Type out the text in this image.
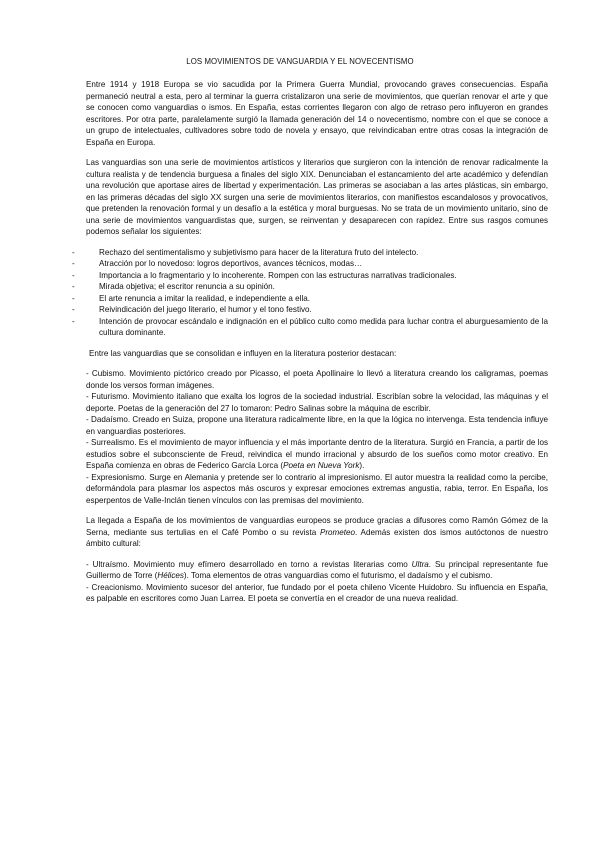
LOS MOVIMIENTOS DE VANGUARDIA Y EL NOVECENTISMO

Entre 1914 y 1918 Europa se vio sacudida por la Primera Guerra Mundial, provocando graves consecuencias. España permaneció neutral a esta, pero al terminar la guerra cristalizaron una serie de movimientos, que querían renovar el arte y que se conocen como vanguardias o ismos. En España, estas corrientes llegaron con algo de retraso pero influyeron en grandes escritores. Por otra parte, paralelamente surgió la llamada generación del 14 o novecentismo, nombre con el que se conoce a un grupo de intelectuales, cultivadores sobre todo de novela y ensayo, que reivindicaban entre otras cosas la integración de España en Europa.

Las vanguardias son una serie de movimientos artísticos y literarios que surgieron con la intención de renovar radicalmente la cultura realista y de tendencia burguesa a finales del siglo XIX. Denunciaban el estancamiento del arte académico y defendían una revolución que aportase aires de libertad y experimentación. Las primeras se asociaban a las artes plásticas, sin embargo, en las primeras décadas del siglo XX surgen una serie de movimientos literarios, con manifiestos escandalosos y provocativos, que pretenden la renovación formal y un desafío a la estética y moral burguesas. No se trata de un movimiento unitario, sino de una serie de movimientos vanguardistas que, surgen, se reinventan y desaparecen con rapidez. Entre sus rasgos comunes podemos señalar los siguientes:

-	Rechazo del sentimentalismo y subjetivismo para hacer de la literatura fruto del intelecto.
-	Atracción por lo novedoso: logros deportivos, avances técnicos, modas…
-	Importancia a lo fragmentario y lo incoherente. Rompen con las estructuras narrativas tradicionales.
-	Mirada objetiva; el escritor renuncia a su opinión.
-	El arte renuncia a imitar la realidad, e independiente a ella.
-	Reivindicación del juego literario, el humor y el tono festivo.
-	Intención de provocar escándalo e indignación en el público culto como medida para luchar contra el aburguesamiento de la cultura dominante.

Entre las vanguardias que se consolidan e influyen en la literatura posterior destacan:

- Cubismo. Movimiento pictórico creado por Picasso, el poeta Apollinaire lo llevó a literatura creando los caligramas, poemas donde los versos forman imágenes.

- Futurismo. Movimiento italiano que exalta los logros de la sociedad industrial. Escribían sobre la velocidad, las máquinas y el deporte. Poetas de la generación del 27 lo tomaron: Pedro Salinas sobre la máquina de escribir.

- Dadaísmo. Creado en Suiza, propone una literatura radicalmente libre, en la que la lógica no intervenga. Esta tendencia influye en vanguardias posteriores.

- Surrealismo. Es el movimiento de mayor influencia y el más importante dentro de la literatura. Surgió en Francia, a partir de los estudios sobre el subconsciente de Freud, reivindica el mundo irracional y absurdo de los sueños como motor creativo. En España comienza en obras de Federico García Lorca (Poeta en Nueva York).

- Expresionismo. Surge en Alemania y pretende ser lo contrario al impresionismo. El autor muestra la realidad como la percibe, deformándola para plasmar los aspectos más oscuros y expresar emociones extremas angustia, rabia, terror. En España, los esperpentos de Valle-Inclán tienen vínculos con las premisas del movimiento.

La llegada a España de los movimientos de vanguardias europeos se produce gracias a difusores como Ramón Gómez de la Serna, mediante sus tertulias en el Café Pombo o su revista Prometeo. Además existen dos ismos autóctonos de nuestro ámbito cultural:

- Ultraísmo. Movimiento muy efímero desarrollado en torno a revistas literarias como Ultra. Su principal representante fue Guillermo de Torre (Hélices). Toma elementos de otras vanguardias como el futurismo, el dadaísmo y el cubismo.

- Creacionismo. Movimiento sucesor del anterior, fue fundado por el poeta chileno Vicente Huidobro. Su influencia en España, es palpable en escritores como Juan Larrea. El poeta se convertía en el creador de una nueva realidad.
